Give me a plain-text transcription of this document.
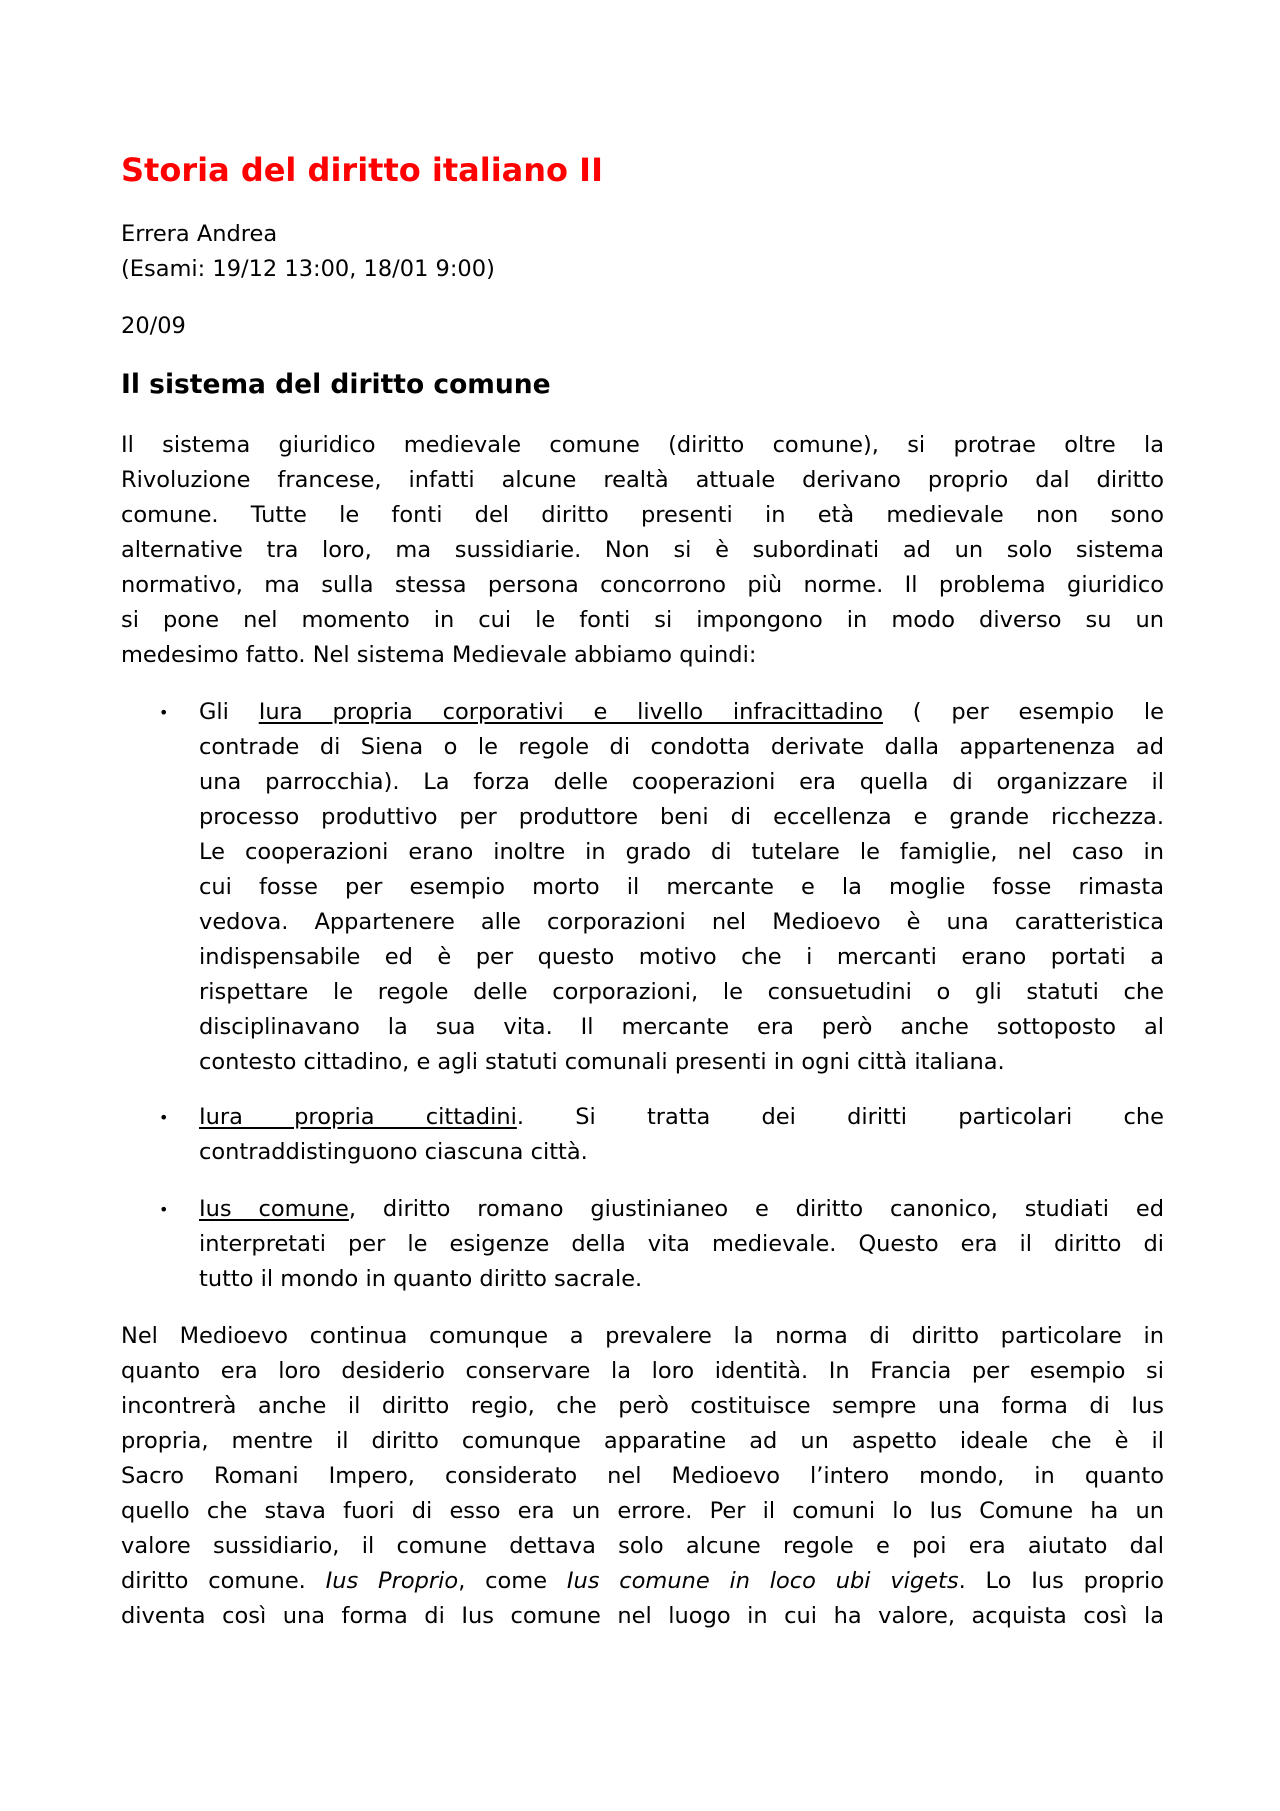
Storia del diritto italiano II
Errera Andrea
(Esami: 19/12 13:00, 18/01 9:00)
20/09
Il sistema del diritto comune
Il sistema giuridico medievale comune (diritto comune), si protrae oltre la
Rivoluzione francese, infatti alcune realtà attuale derivano proprio dal diritto
comune. Tutte le fonti del diritto presenti in età medievale non sono
alternative tra loro, ma sussidiarie. Non si è subordinati ad un solo sistema
normativo, ma sulla stessa persona concorrono più norme. Il problema giuridico
si pone nel momento in cui le fonti si impongono in modo diverso su un
medesimo fatto. Nel sistema Medievale abbiamo quindi:
• Gli Iura propria corporativi e livello infracittadino ( per esempio le
contrade di Siena o le regole di condotta derivate dalla appartenenza ad
una parrocchia). La forza delle cooperazioni era quella di organizzare il
processo produttivo per produttore beni di eccellenza e grande ricchezza.
Le cooperazioni erano inoltre in grado di tutelare le famiglie, nel caso in
cui fosse per esempio morto il mercante e la moglie fosse rimasta
vedova. Appartenere alle corporazioni nel Medioevo è una caratteristica
indispensabile ed è per questo motivo che i mercanti erano portati a
rispettare le regole delle corporazioni, le consuetudini o gli statuti che
disciplinavano la sua vita. Il mercante era però anche sottoposto al
contesto cittadino, e agli statuti comunali presenti in ogni città italiana.
• Iura propria cittadini. Si tratta dei diritti particolari che
contraddistinguono ciascuna città.
• Ius comune, diritto romano giustinianeo e diritto canonico, studiati ed
interpretati per le esigenze della vita medievale. Questo era il diritto di
tutto il mondo in quanto diritto sacrale.
Nel Medioevo continua comunque a prevalere la norma di diritto particolare in
quanto era loro desiderio conservare la loro identità. In Francia per esempio si
incontrerà anche il diritto regio, che però costituisce sempre una forma di Ius
propria, mentre il diritto comunque apparatine ad un aspetto ideale che è il
Sacro Romani Impero, considerato nel Medioevo l’intero mondo, in quanto
quello che stava fuori di esso era un errore. Per il comuni lo Ius Comune ha un
valore sussidiario, il comune dettava solo alcune regole e poi era aiutato dal
diritto comune. Ius Proprio, come Ius comune in loco ubi vigets. Lo Ius proprio
diventa così una forma di Ius comune nel luogo in cui ha valore, acquista così la
